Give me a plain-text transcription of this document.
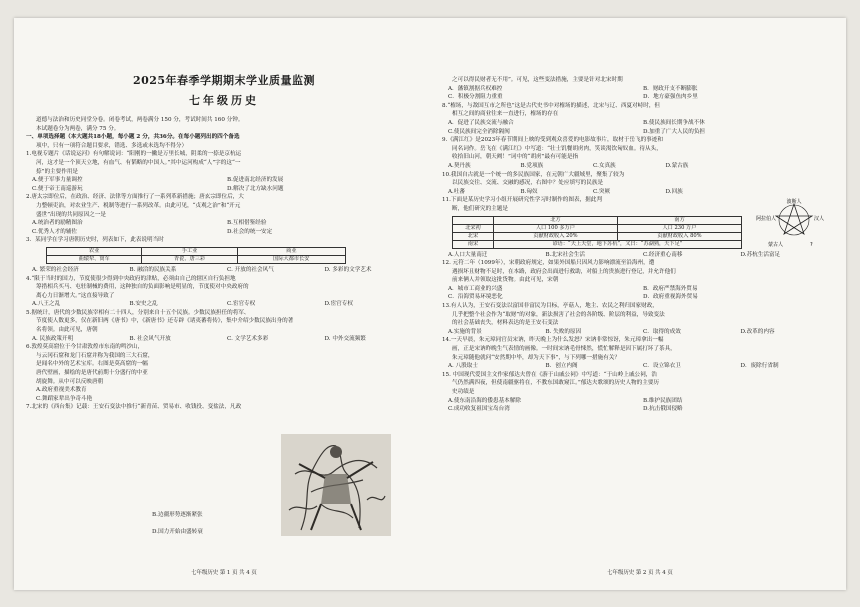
2025年春季学期期末学业质量监测
七年级历史

道德与法治和历史同堂分卷。闭卷考试，两卷满分 150 分，考试时间共 160 分钟。

本试题卷分为两卷，满分 75 分。

一、单项选择题（本大题共18小题，每小题 2 分，共36分。在每小题列出的四个备选

项中，只有一项符合题目要求，错选、多选或未选均不得分）

1.电视专题片《话说运河》有句解说词：“阳刚的一撇是万里长城，阴柔的一捺是京杭运

河，这才是一个顶天立地，有血气、有韬略的中国人。”其中运河构成“人”字的这“一

捺”的主要作用是

A.便于军事力量调控	B.促进南北经济的发展
C.便于帝王南巡游玩	D.解决了北方缺水问题

2.唐太宗即位后，在政治、经济、法律等方面推行了一系列革新措施；唐玄宗即位后，大

力整顿吏治，对农业生产、税制等进行一系列改革。由此可见，“贞观之治”和“开元

盛世”出现的共同原因之一是

A.统治者的励精图治	B.互相借鉴经验
C.优秀人才的辅佐	D.社会的统一安定

3．某同学在学习唐朝历史时，列表如下，此表说明当时

农业	手工业	商业
曲辕犁、筒车	青瓷、唐三彩	国际大都市长安
A. 繁荣的社会经济	B. 融洽的民族关系	C. 开放的社会风气	D. 多彩的文学艺术

4.“限于当时的国力，节度使很少得到中央政府的津贴，必须由自己的辖区自行负担地

筹措相兵买马、屯驻制械的费用，这种独自的负面影响是明显的，节度使对中央政府的

离心力日渐增大。”这直接导致了

A.八王之乱	B.安史之乱	C.宦官专权	D.宦官专权

5.据统计，唐代的少数民族宰相有二十四人，分别来自十五个民族。少数民族担任的将军、

节度使人数更多，仅在新旧两《唐书》中，《新唐书》还专辟《诸夷蕃将传》，集中介绍少数民族出身的著

名将领。由此可见，唐朝

A. 民族政策开明	B. 社会风气开放	C. 文学艺术多彩	D. 中外交流频繁

6.敦煌莫高窟位于今甘肃敦煌市东南的鸣沙山，

与云冈石窟和龙门石窟并称为我国的三大石窟，

是闻名中外的艺术宝库。右图是莫高窟的一幅

唐代壁画，描绘的是唐代前期十分盛行的中亚

胡旋舞。从中可以反映唐朝

A.政府重视美术教育

B.边疆形势逐渐紧张

C.舞蹈家辈出争奇斗艳

D.国力开始由盛转衰

7.北宋的《西台集》记载：王安石变法中推行“新青苗、贸易市、收钱役、变盐法，凡政

七年级历史 第 1 页 共 4 页

之可以得民财者无不用”。可见，这些变法措施，主要是针对北宋时期

A．藩镇割据兵权难控	B．财政开支不断膨胀
C．积极分割阻力重重	D．地方豪强鱼肉乡里

8.“榷场，与敌国互市之所也”这是古代史书中对榷场的描述，北宋与辽、西夏对峙时，但

相互之间的商业往来一直进行，榷场的存在

A．促进了民族交流与融合	B.使民族间长期争战不休
C.使民族间完全消除隔阂	D.加重了广大人民的负担

9.《满江红》是2023年春节期间上映的受到观众喜爱的电影故事片，取材于岳飞的事迹和

同名词作。岳飞在《满江红》中写道：“壮士饥餐胡虏肉，笑谈渴饮匈奴血。待从头，

收拾旧山河，朝天阙！”词中的“胡虏”最有可能是指

A.契丹族	B.党项族	C.女真族	D.蒙古族

10.我国自古就是一个统一的多民族国家，在元朝广大疆域里，聚集了较为

以民族交往、交流、交融的感况，右图中？处应填写的民族是

A.吐蕃	B.匈奴	C.突厥	D.回族
波斯人
阿拉伯人	汉人
蒙古人	?

11.下面是某历史学习小组开展研究性学习时制作的图表，据此判

断，他们研究的主题是

	北方	南方
北宋初	人口 100 多万户	人口 230 万户
北宋	贡献财政收入 20%	贡献财政收入 80%
南宋	谚语：“天上天堂，地下苏杭”，又曰：“苏湖熟，天下足”	
A.人口大量南迁	B.北宋社会生活	C.经济重心南移	D.苏杭生活富足

12. 元符二年（1099年），宋朝政府规定，如果外国船只因风力影响漂流至沿海州，遭

遇损坏且财物不足时，在本路，政府会出面进行救助，对船上的贵族进行登记，并允许他们

前来俩人并领取这批货物。由此可见，宋朝

A．城市工商业的兴盛	B．政府严禁海外贸易
C．沿海贸易环境恶化	D．政府重视海外贸易

13.有人认为，王安石变法以富国非富民为目标，亭菇人，地主、农民之利归国家财政，

几乎把整个社会作为“取财”的对象，新法损害了社会的各阶级、阶层的利益，导致变法

的社会基础丧失，材料表达的是王安石变法

A.实施的背景	B. 失败的原因	C．取得的成效	D.改革的内容

14.一天早晨，朱元璋同官员宋讷，昨天晚上为什么发怒？宋讷非常惊讶，朱元璋拿出一幅

画，正是宋讷昨晚生气表情的画像。一时间宋讷毛骨悚然，慌忙解释是因下属打坏了茶具，

朱元璋随他就问“安然期中毕，却为天下事”，与下列哪一措施有关？

A. 八股取士	B．创立内阁	C．设立锦衣卫	D．废除行省制

15. 中国现代爱国主文作家郁达夫曾在《游于山戚公祠》中写道：“于山岭上戚公祠，浩

气仍然满四夜，但使南疆驱将在，不教东国敢窥江。”郁达夫歌颂的历史人物的主要历

史功绩是

A.使东南沿海的倭患基本解除	B.维护民族团结
C.成功收复祖国宝岛台湾	D.抗击俄国侵略
七年级历史 第 2 页 共 4 页
